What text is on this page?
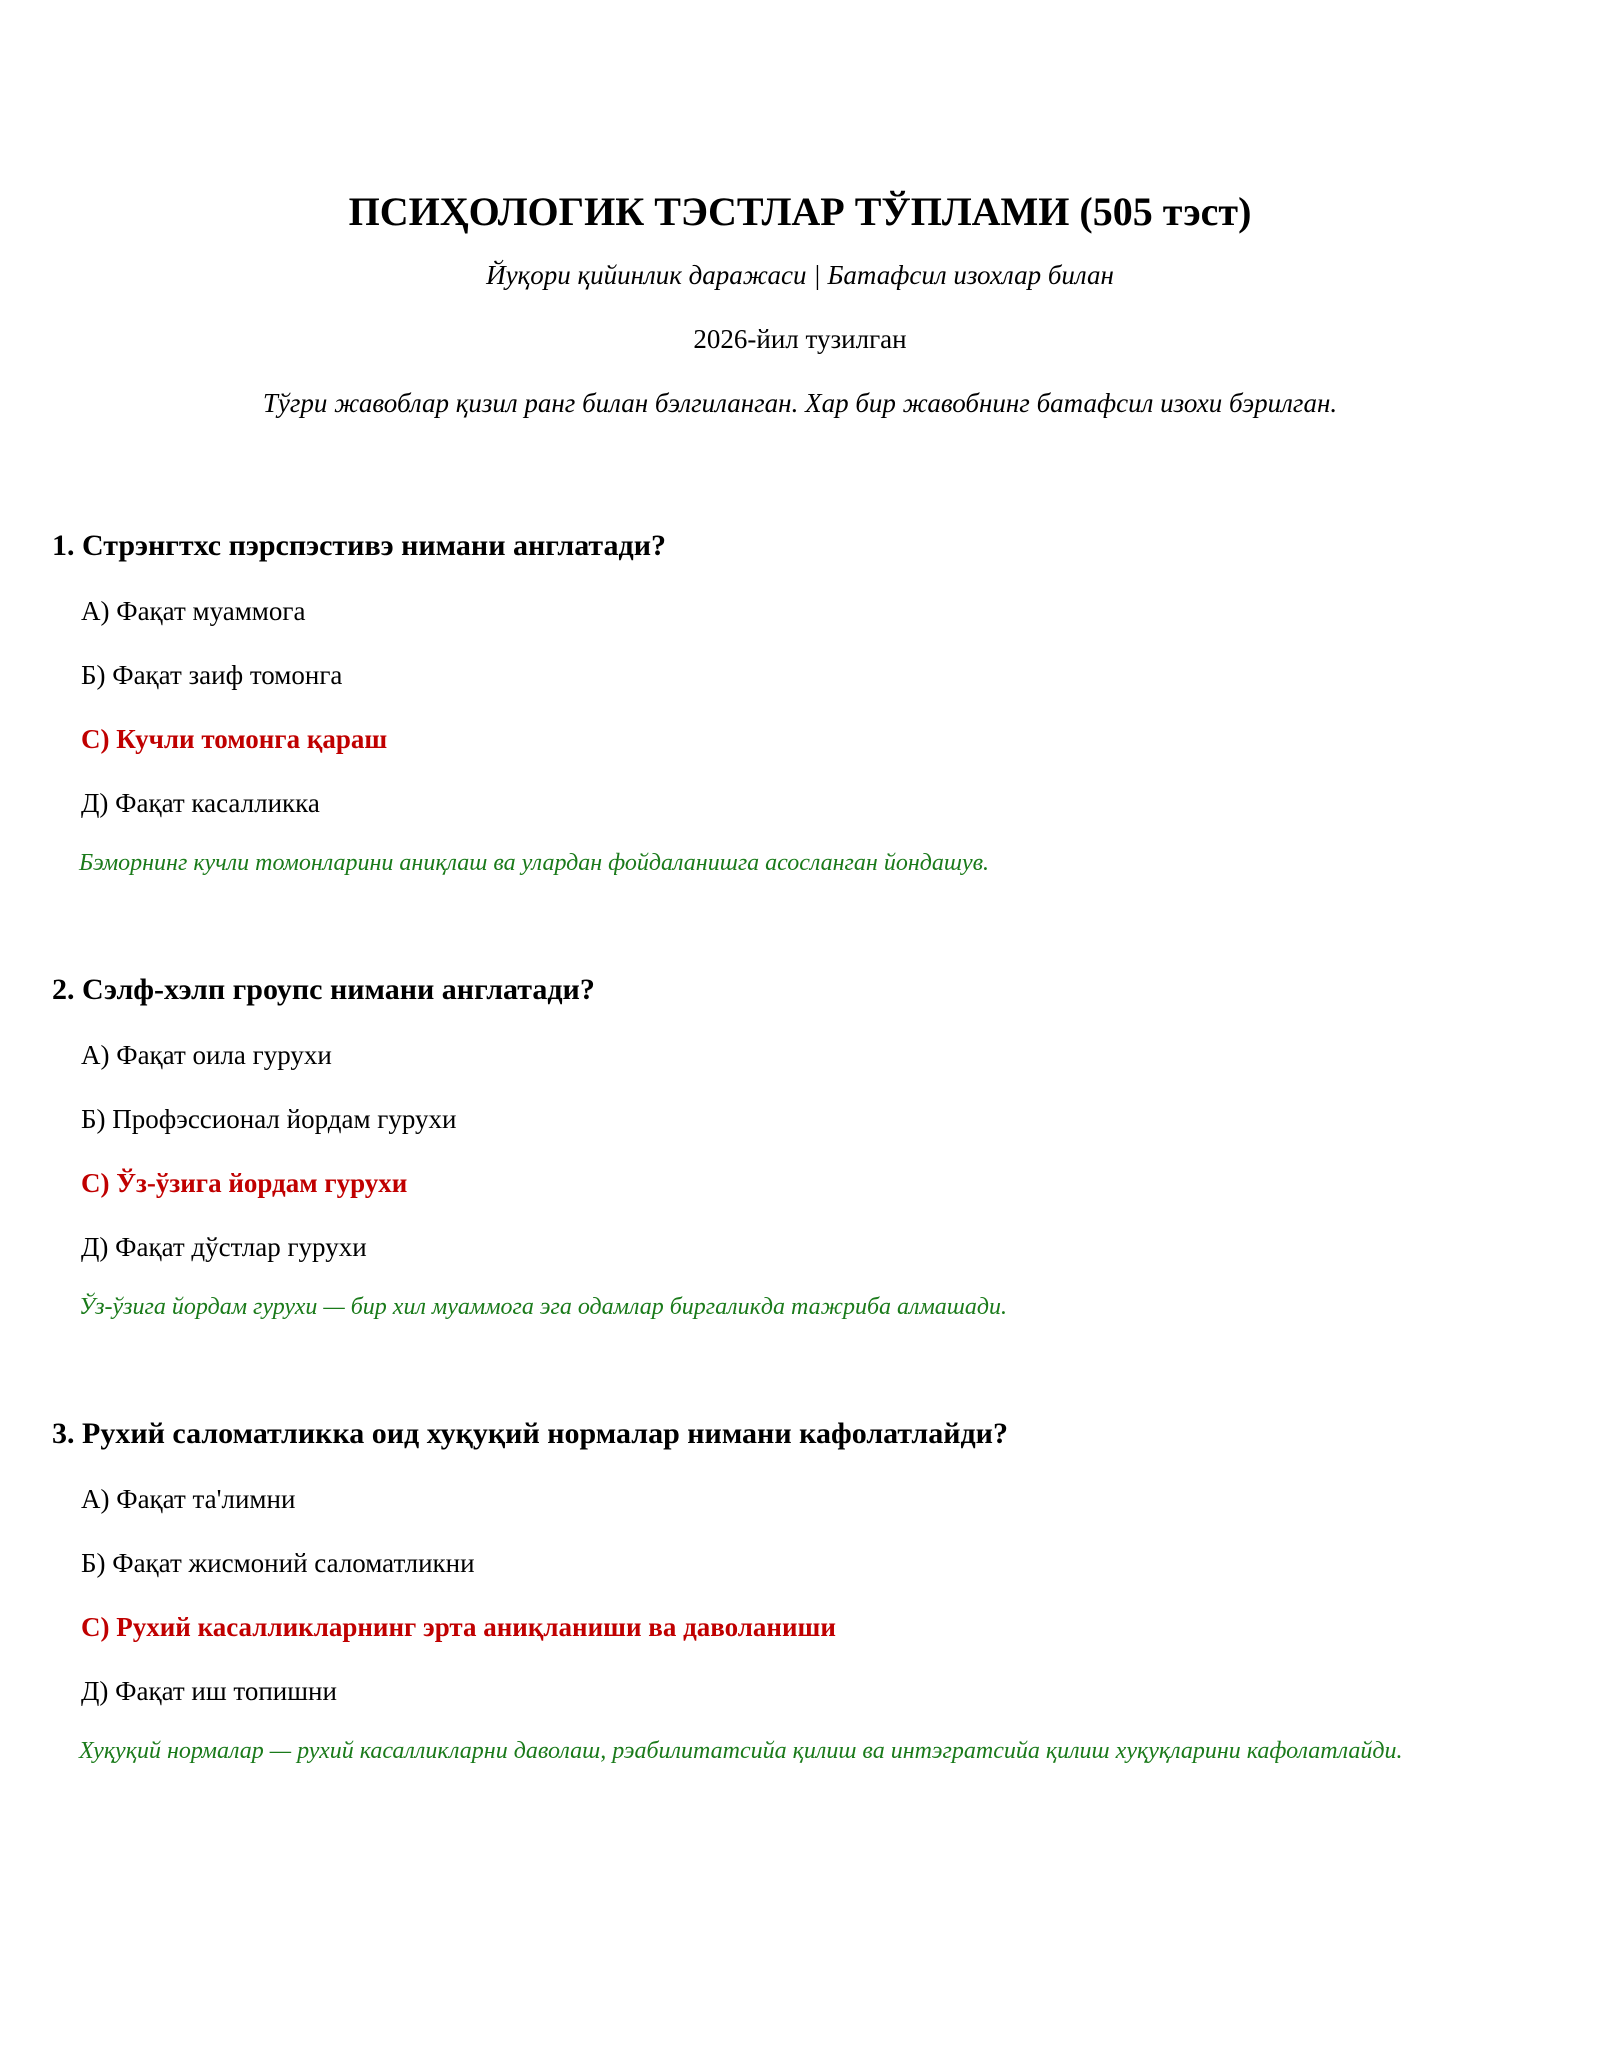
ПСИҲОЛОГИК ТЭСТЛАР ТЎПЛАМИ (505 тэст)
Йуқори қийинлик даражаси | Батафсил изохлар билан
2026-йил тузилган
Тўгри жавоблар қизил ранг билан бэлгиланган. Хар бир жавобнинг батафсил изохи бэрилган.

1. Стрэнгтхс пэрспэстивэ нимани англатади?

А) Фақат муаммога
Б) Фақат заиф томонга
С) Кучли томонга қараш
Д) Фақат касалликка
Бэморнинг кучли томонларини аниқлаш ва улардан фойдаланишга асосланган йондашув.

2. Сэлф-хэлп гроупс нимани англатади?

А) Фақат оила гурухи
Б) Профэссионал йордам гурухи
С) Ўз-ўзига йордам гурухи
Д) Фақат дўстлар гурухи
Ўз-ўзига йордам гурухи — бир хил муаммога эга одамлар биргаликда тажриба алмашади.

3. Рухий саломатликка оид хуқуқий нормалар нимани кафолатлайди?

А) Фақат та'лимни
Б) Фақат жисмоний саломатликни
С) Рухий касалликларнинг эрта аниқланиши ва даволаниши
Д) Фақат иш топишни
Хуқуқий нормалар — рухий касалликларни даволаш, рэабилитатсийа қилиш ва интэгратсийа қилиш хуқуқларини кафолатлайди.
